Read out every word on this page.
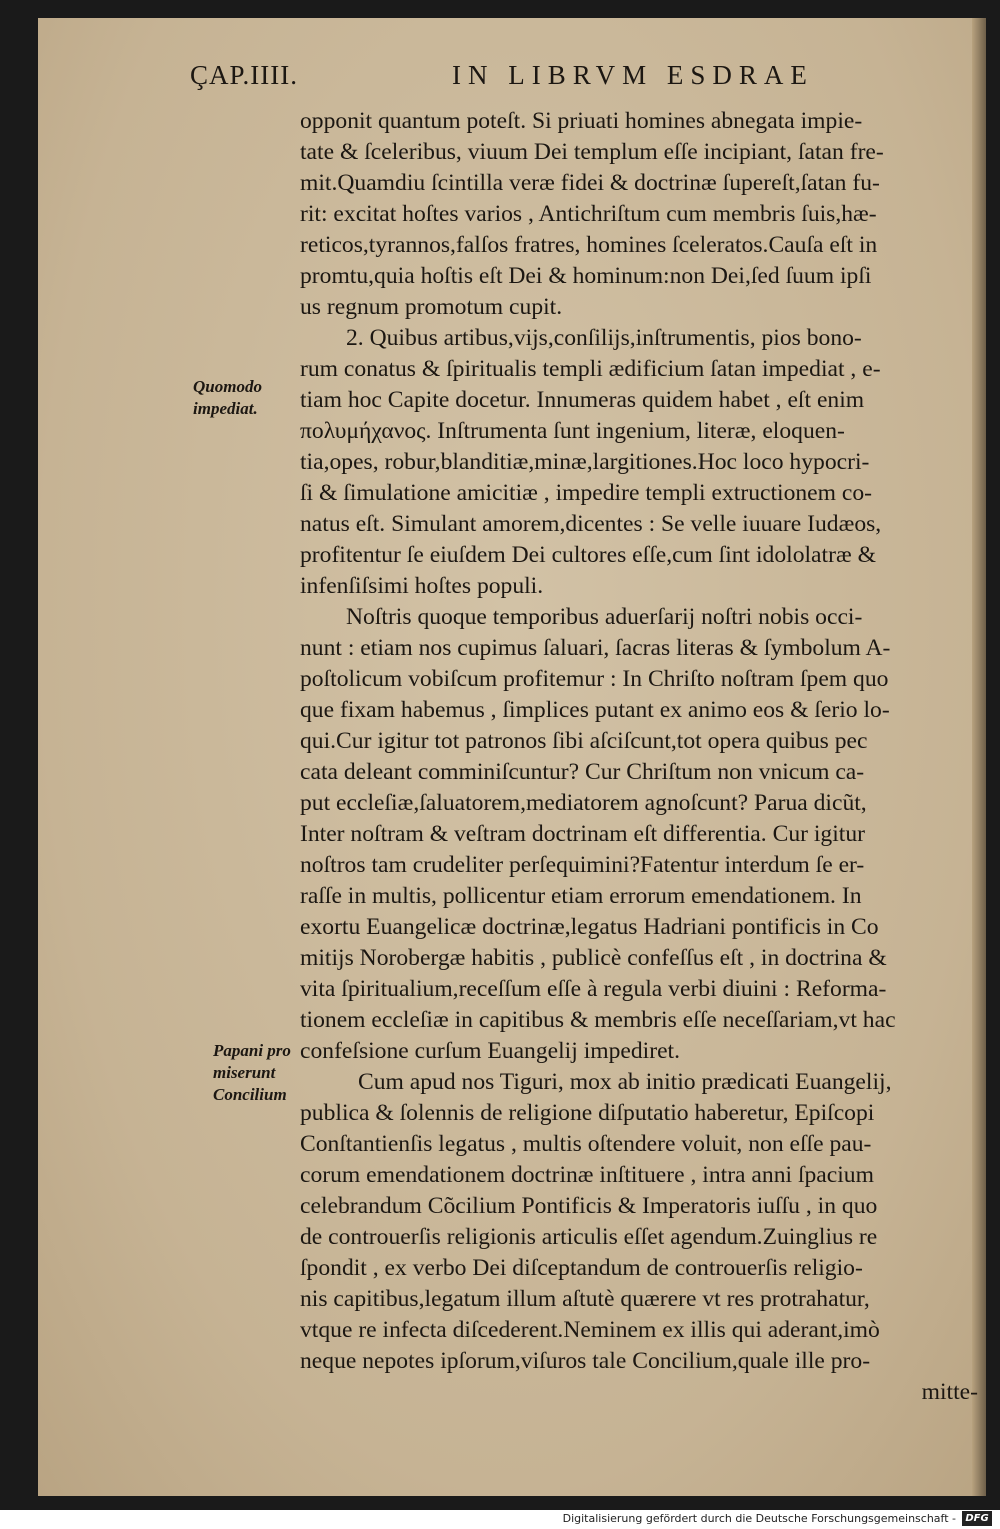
ÇAP.IIII.	IN LIBRVM ESDRAE
Quomodo
impediat.
Papani pro
miserunt
Concilium
opponit quantum poteſt. Si priuati homines abnegata impie-
tate & ſceleribus, viuum Dei templum eſſe incipiant, ſatan fre-
mit.Quamdiu ſcintilla veræ fidei & doctrinæ ſupereſt,ſatan fu-
rit: excitat hoſtes varios , Antichriſtum cum membris ſuis,hæ-
reticos,tyrannos,falſos fratres, homines ſceleratos.Cauſa eſt in
promtu,quia hoſtis eſt Dei & hominum:non Dei,ſed ſuum ipſi
us regnum promotum cupit.
2. Quibus artibus,vijs,conſilijs,inſtrumentis, pios bono-
rum conatus & ſpiritualis templi ædificium ſatan impediat , e-
tiam hoc Capite docetur. Innumeras quidem habet , eſt enim
πολυμήχανος. Inſtrumenta ſunt ingenium, literæ, eloquen-
tia,opes, robur,blanditiæ,minæ,largitiones.Hoc loco hypocri-
ſi & ſimulatione amicitiæ , impedire templi extructionem co-
natus eſt. Simulant amorem,dicentes : Se velle iuuare Iudæos,
profitentur ſe eiuſdem Dei cultores eſſe,cum ſint idololatræ &
infenſiſsimi hoſtes populi.
Noſtris quoque temporibus aduerſarij noſtri nobis occi-
nunt : etiam nos cupimus ſaluari, ſacras literas & ſymbolum A-
poſtolicum vobiſcum profitemur : In Chriſto noſtram ſpem quo
que fixam habemus , ſimplices putant ex animo eos & ſerio lo-
qui.Cur igitur tot patronos ſibi aſciſcunt,tot opera quibus pec
cata deleant comminiſcuntur? Cur Chriſtum non vnicum ca-
put eccleſiæ,ſaluatorem,mediatorem agnoſcunt? Parua dicũt,
Inter noſtram & veſtram doctrinam eſt differentia. Cur igitur
noſtros tam crudeliter perſequimini?Fatentur interdum ſe er-
raſſe in multis, pollicentur etiam errorum emendationem. In
exortu Euangelicæ doctrinæ,legatus Hadriani pontificis in Co
mitijs Norobergæ habitis , publicè confeſſus eſt , in doctrina &
vita ſpiritualium,receſſum eſſe à regula verbi diuini : Reforma-
tionem eccleſiæ in capitibus & membris eſſe neceſſariam,vt hac
confeſsione curſum Euangelij impediret.
Cum apud nos Tiguri, mox ab initio prædicati Euangelij,
publica & ſolennis de religione diſputatio haberetur, Epiſcopi
Conſtantienſis legatus , multis oſtendere voluit, non eſſe pau-
corum emendationem doctrinæ inſtituere , intra anni ſpacium
celebrandum Cõcilium Pontificis & Imperatoris iuſſu , in quo
de controuerſis religionis articulis eſſet agendum.Zuinglius re
ſpondit , ex verbo Dei diſceptandum de controuerſis religio-
nis capitibus,legatum illum aſtutè quærere vt res protrahatur,
vtque re infecta diſcederent.Neminem ex illis qui aderant,imò
neque nepotes ipſorum,viſuros tale Concilium,quale ille pro-
mitte-
Digitalisierung gefördert durch die Deutsche Forschungsgemeinschaft - DFG
